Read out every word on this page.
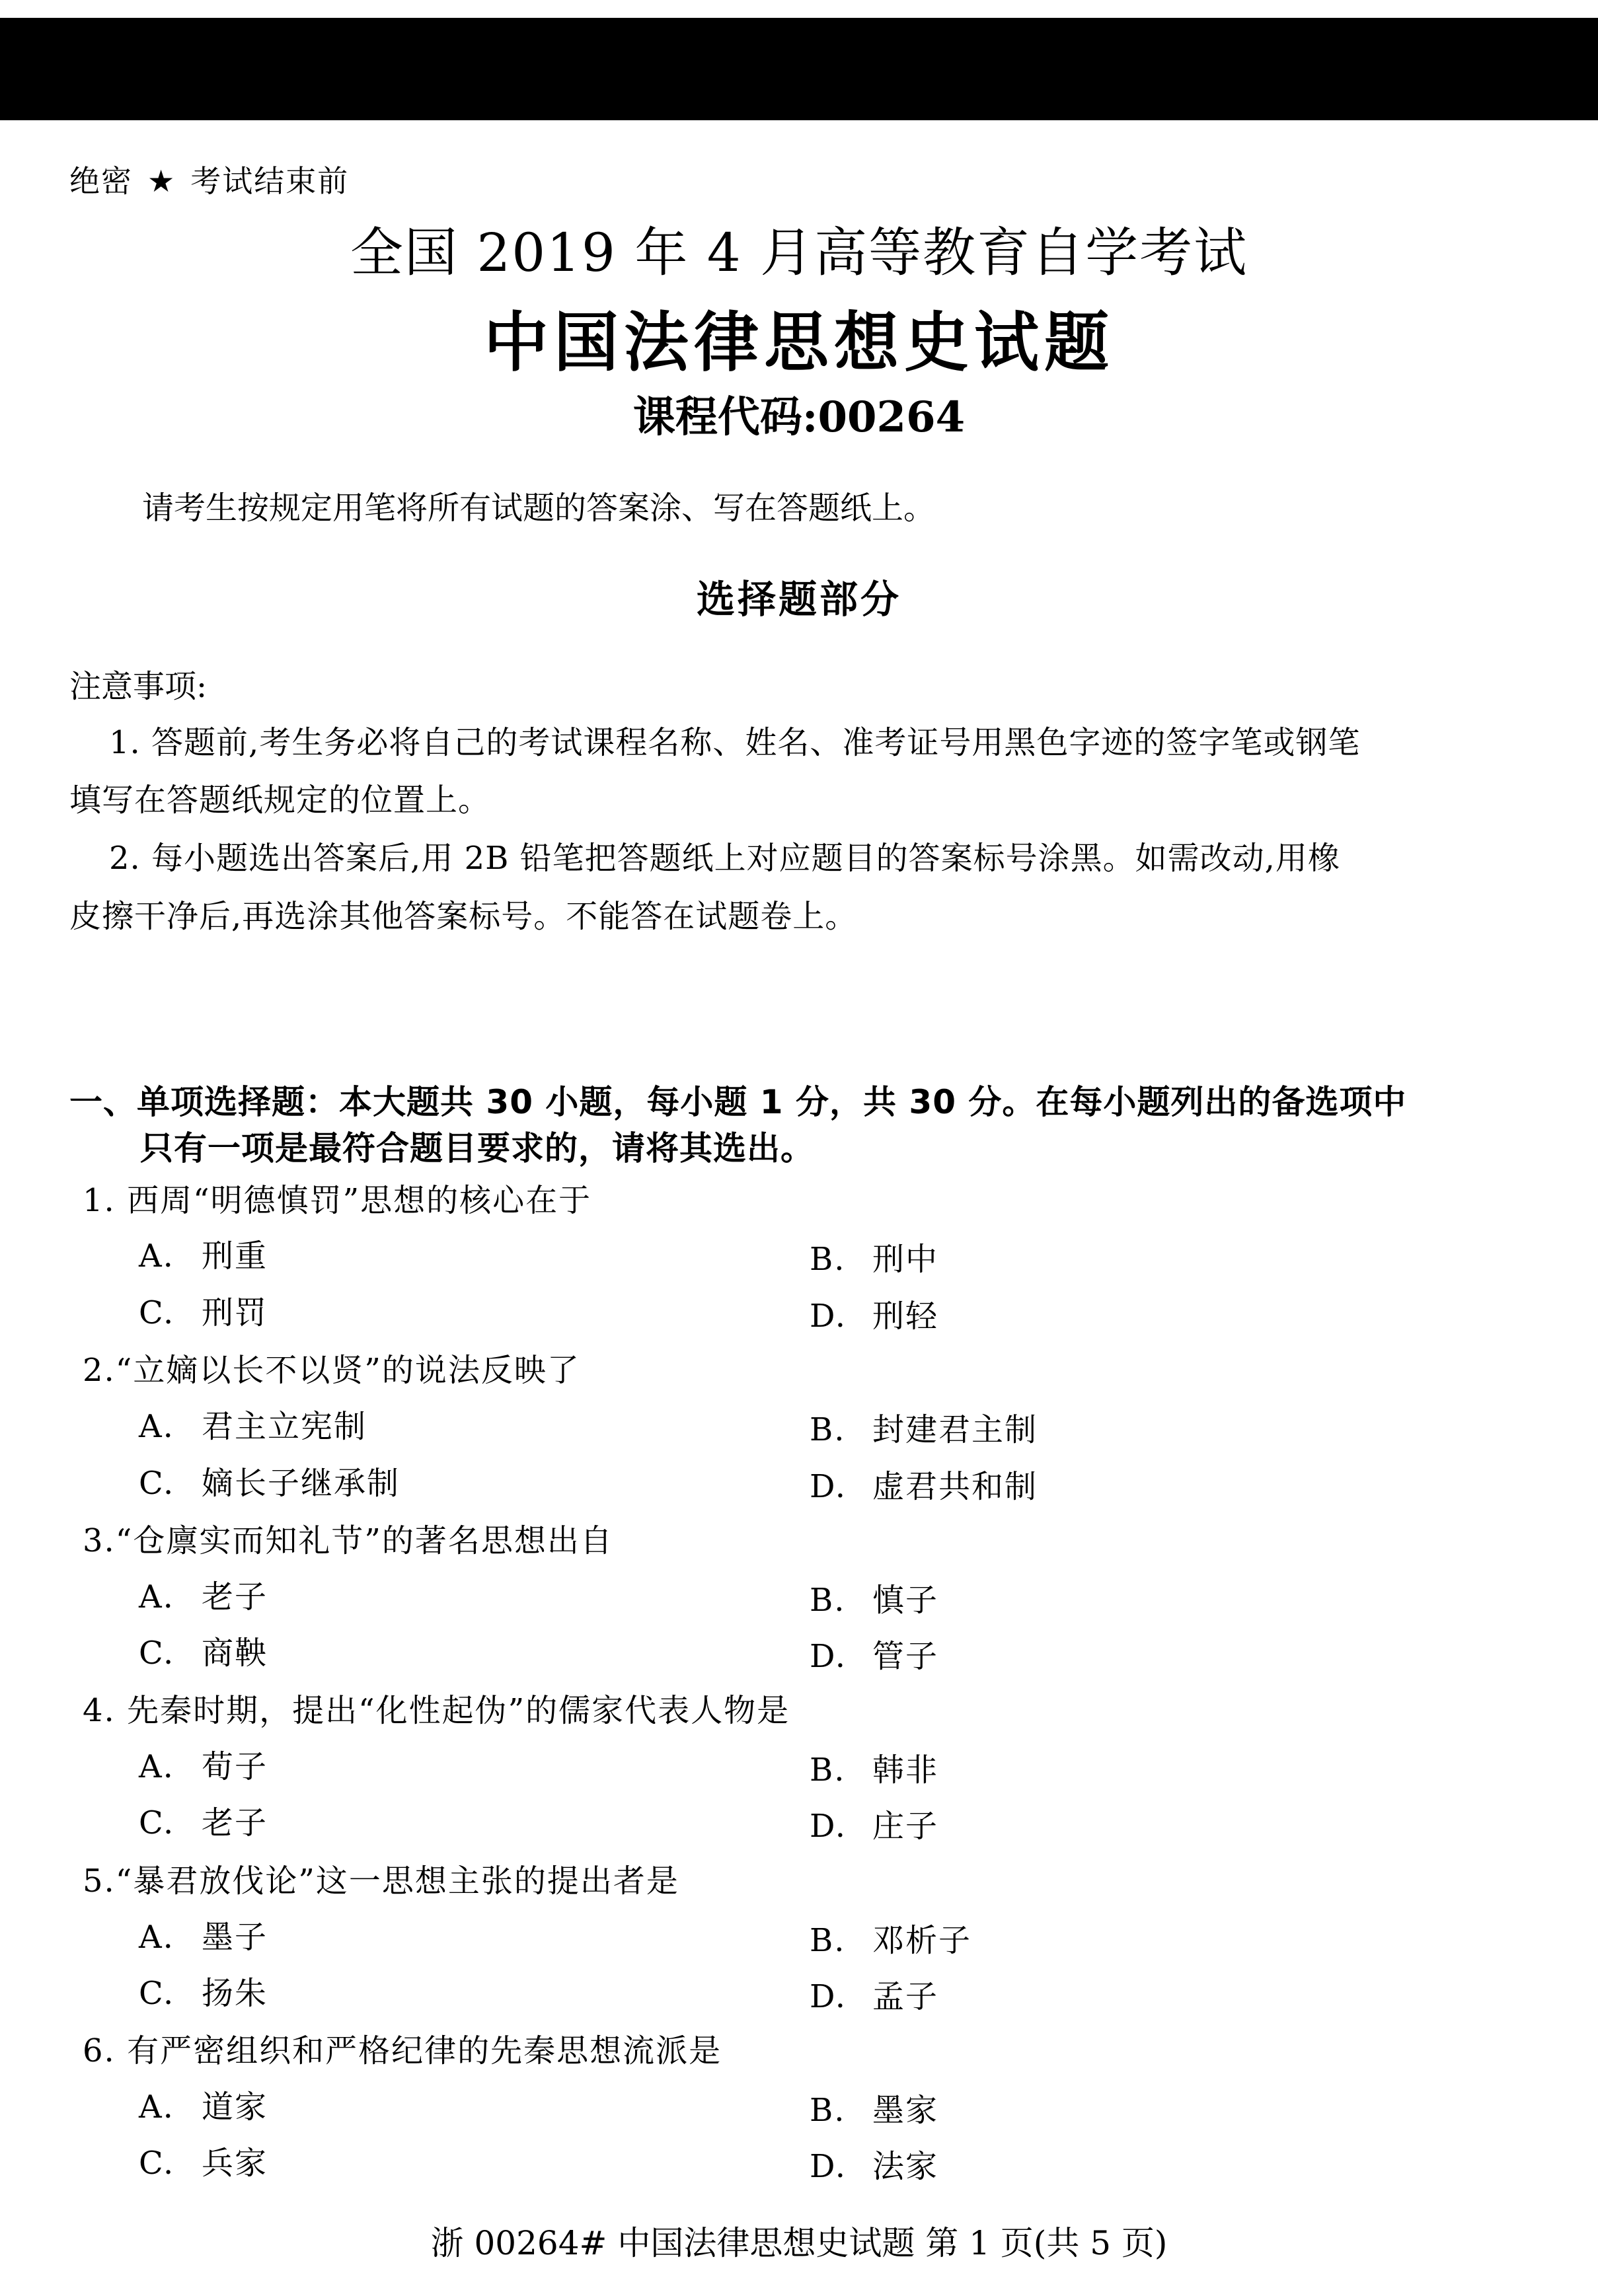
绝密 ★ 考试结束前
全国 2019 年 4 月高等教育自学考试
中国法律思想史试题
课程代码:00264
请考生按规定用笔将所有试题的答案涂、写在答题纸上。
选择题部分
注意事项:
1. 答题前,考生务必将自己的考试课程名称、姓名、准考证号用黑色字迹的签字笔或钢笔
填写在答题纸规定的位置上。
2. 每小题选出答案后,用 2B 铅笔把答题纸上对应题目的答案标号涂黑。如需改动,用橡
皮擦干净后,再选涂其他答案标号。不能答在试题卷上。
一、单项选择题：本大题共 30 小题，每小题 1 分，共 30 分。在每小题列出的备选项中
只有一项是最符合题目要求的，请将其选出。
1. 西周“明德慎罚”思想的核心在于
A. 刑重	B. 刑中
C. 刑罚	D. 刑轻
2.“立嫡以长不以贤”的说法反映了
A. 君主立宪制	B. 封建君主制
C. 嫡长子继承制	D. 虚君共和制
3.“仓廪实而知礼节”的著名思想出自
A. 老子	B. 慎子
C. 商鞅	D. 管子
4. 先秦时期，提出“化性起伪”的儒家代表人物是
A. 荀子	B. 韩非
C. 老子	D. 庄子
5.“暴君放伐论”这一思想主张的提出者是
A. 墨子	B. 邓析子
C. 扬朱	D. 孟子
6. 有严密组织和严格纪律的先秦思想流派是
A. 道家	B. 墨家
C. 兵家	D. 法家
浙 00264# 中国法律思想史试题 第 1 页(共 5 页)
